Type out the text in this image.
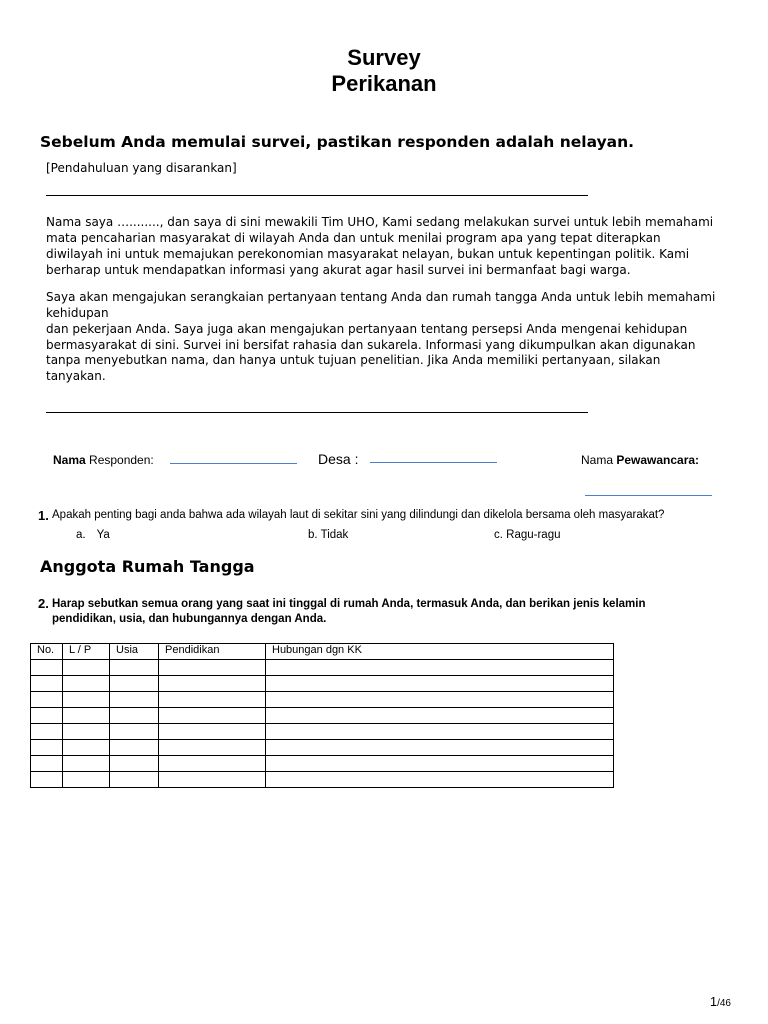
Survey
Perikanan
Sebelum Anda memulai survei, pastikan responden adalah nelayan.
[Pendahuluan yang disarankan]
Nama saya …........, dan saya di sini mewakili Tim UHO, Kami sedang melakukan survei untuk lebih memahami
mata pencaharian masyarakat di wilayah Anda dan untuk menilai program apa yang tepat diterapkan
diwilayah ini untuk memajukan perekonomian masyarakat nelayan, bukan untuk kepentingan politik. Kami
berharap untuk mendapatkan informasi yang akurat agar hasil survei ini bermanfaat bagi warga.
Saya akan mengajukan serangkaian pertanyaan tentang Anda dan rumah tangga Anda untuk lebih memahami
kehidupan
dan pekerjaan Anda. Saya juga akan mengajukan pertanyaan tentang persepsi Anda mengenai kehidupan
bermasyarakat di sini. Survei ini bersifat rahasia dan sukarela. Informasi yang dikumpulkan akan digunakan
tanpa menyebutkan nama, dan hanya untuk tujuan penelitian. Jika Anda memiliki pertanyaan, silakan
tanyakan.
Nama Responden:	Desa :	Nama Pewawancara:
1. Apakah penting bagi anda bahwa ada wilayah laut di sekitar sini yang dilindungi dan dikelola bersama oleh masyarakat?
a. Ya	b. Tidak	c. Ragu-ragu
Anggota Rumah Tangga
2. Harap sebutkan semua orang yang saat ini tinggal di rumah Anda, termasuk Anda, dan berikan jenis kelamin
pendidikan, usia, dan hubungannya dengan Anda.
No.	L / P	Usia	Pendidikan	Hubungan dgn KK

1/46
